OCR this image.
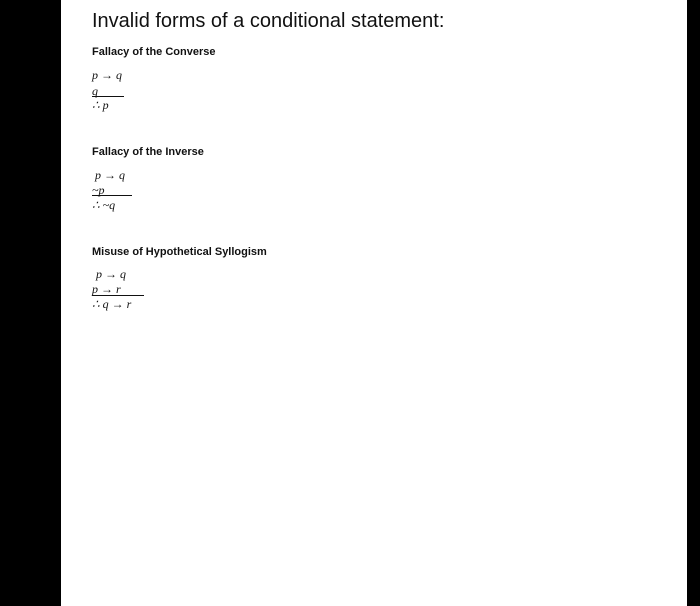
Invalid forms of a conditional statement:
Fallacy of the Converse
p → q
q
∴ p
Fallacy of the Inverse
p → q
~p
∴ ~q
Misuse of Hypothetical Syllogism
p → q
p → r
∴ q → r
